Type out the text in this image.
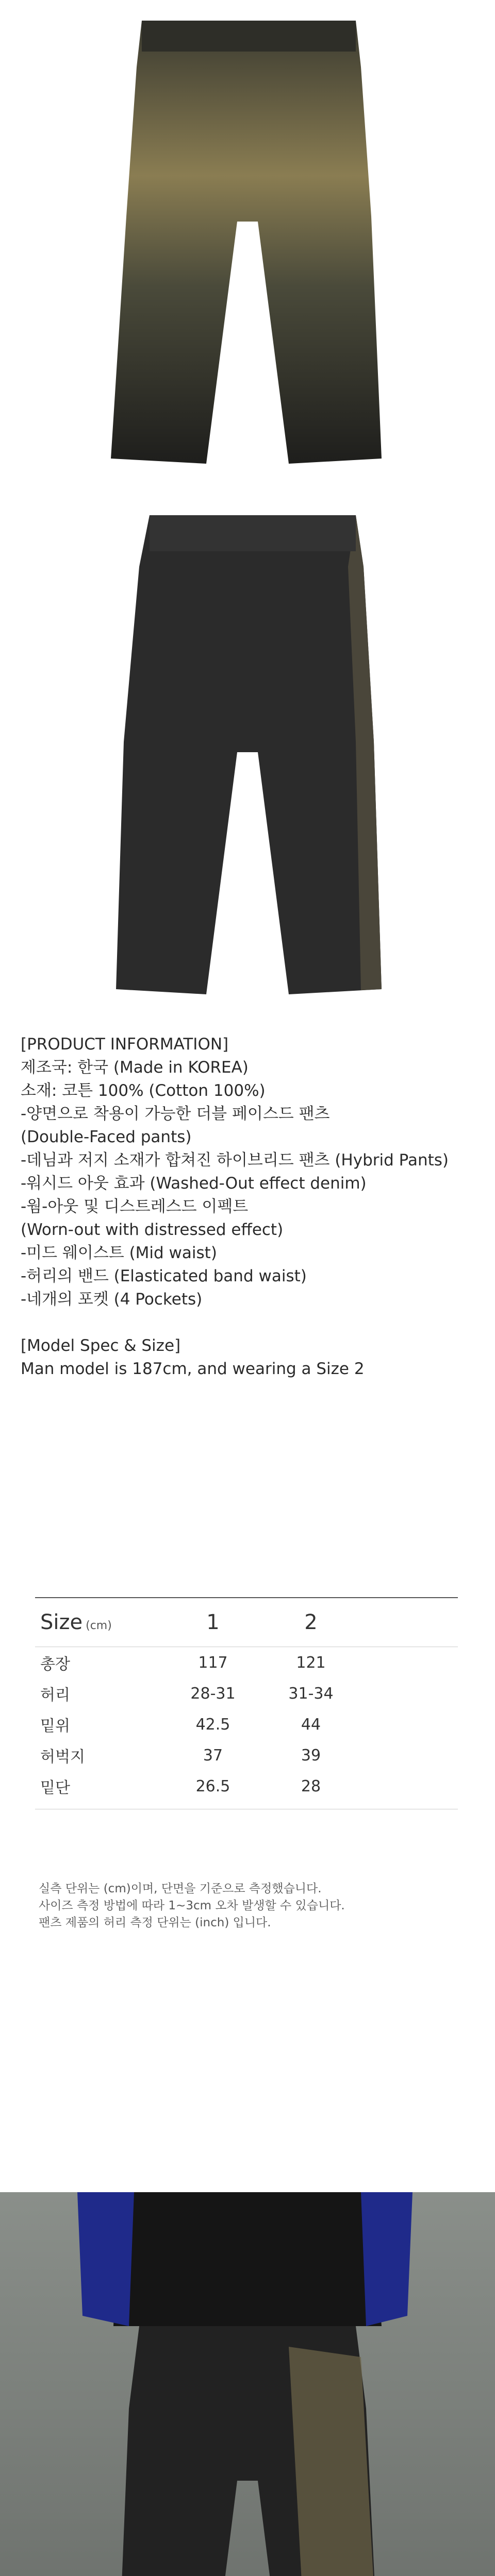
[PRODUCT INFORMATION]
제조국: 한국 (Made in KOREA)
소재: 코튼 100% (Cotton 100%)
-양면으로 착용이 가능한 더블 페이스드 팬츠
(Double-Faced pants)
-데님과 저지 소재가 합쳐진 하이브리드 팬츠 (Hybrid Pants)
-워시드 아웃 효과 (Washed-Out effect denim)
-웜-아웃 및 디스트레스드 이펙트
(Worn-out with distressed effect)
-미드 웨이스트 (Mid waist)
-허리의 밴드 (Elasticated band waist)
-네개의 포켓 (4 Pockets)
[Model Spec & Size]
Man model is 187cm, and wearing a Size 2
Size (cm)	1	2
총장	117	121
허리	28-31	31-34
밑위	42.5	44
허벅지	37	39
밑단	26.5	28
실측 단위는 (cm)이며, 단면을 기준으로 측정했습니다.
사이즈 측정 방법에 따라 1~3cm 오차 발생할 수 있습니다.
팬츠 제품의 허리 측정 단위는 (inch) 입니다.
